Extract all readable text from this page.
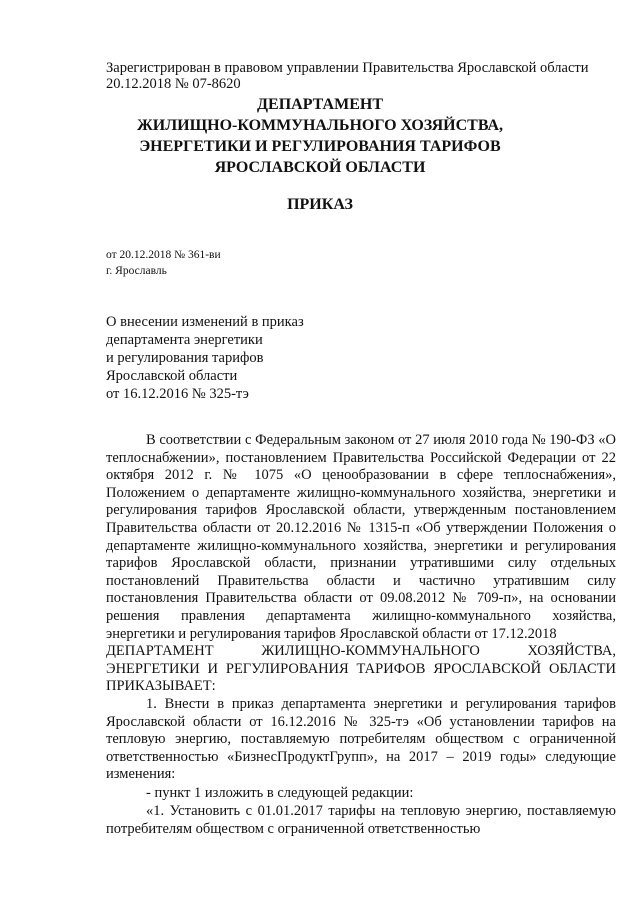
Зарегистрирован в правовом управлении Правительства Ярославской области
20.12.2018 № 07-8620
ДЕПАРТАМЕНТ
ЖИЛИЩНО-КОММУНАЛЬНОГО ХОЗЯЙСТВА,
ЭНЕРГЕТИКИ И РЕГУЛИРОВАНИЯ ТАРИФОВ
ЯРОСЛАВСКОЙ ОБЛАСТИ
ПРИКАЗ
от 20.12.2018 № 361-ви
г. Ярославль
О внесении изменений в приказ
департамента энергетики
и регулирования тарифов
Ярославской области
от 16.12.2016 № 325-тэ
В соответствии с Федеральным законом от 27 июля 2010 года № 190-ФЗ «О теплоснабжении», постановлением Правительства Российской Федерации от 22 октября 2012 г. № 1075 «О ценообразовании в сфере теплоснабжения», Положением о департаменте жилищно-коммунального хозяйства, энергетики и регулирования тарифов Ярославской области, утвержденным постановлением Правительства области от 20.12.2016 № 1315-п «Об утверждении Положения о департаменте жилищно-коммунального хозяйства, энергетики и регулирования тарифов Ярославской области, признании утратившими силу отдельных постановлений Правительства области и частично утратившим силу постановления Правительства области от 09.08.2012 № 709-п», на основании решения правления департамента жилищно-коммунального хозяйства, энергетики и регулирования тарифов Ярославской области от 17.12.2018
ДЕПАРТАМЕНТ ЖИЛИЩНО-КОММУНАЛЬНОГО ХОЗЯЙСТВА, ЭНЕРГЕТИКИ И РЕГУЛИРОВАНИЯ ТАРИФОВ ЯРОСЛАВСКОЙ ОБЛАСТИ ПРИКАЗЫВАЕТ:
1. Внести в приказ департамента энергетики и регулирования тарифов Ярославской области от 16.12.2016 № 325-тэ «Об установлении тарифов на тепловую энергию, поставляемую потребителям обществом с ограниченной ответственностью «БизнесПродуктГрупп», на 2017 – 2019 годы» следующие изменения:
- пункт 1 изложить в следующей редакции:
«1. Установить с 01.01.2017 тарифы на тепловую энергию, поставляемую потребителям обществом с ограниченной ответственностью
